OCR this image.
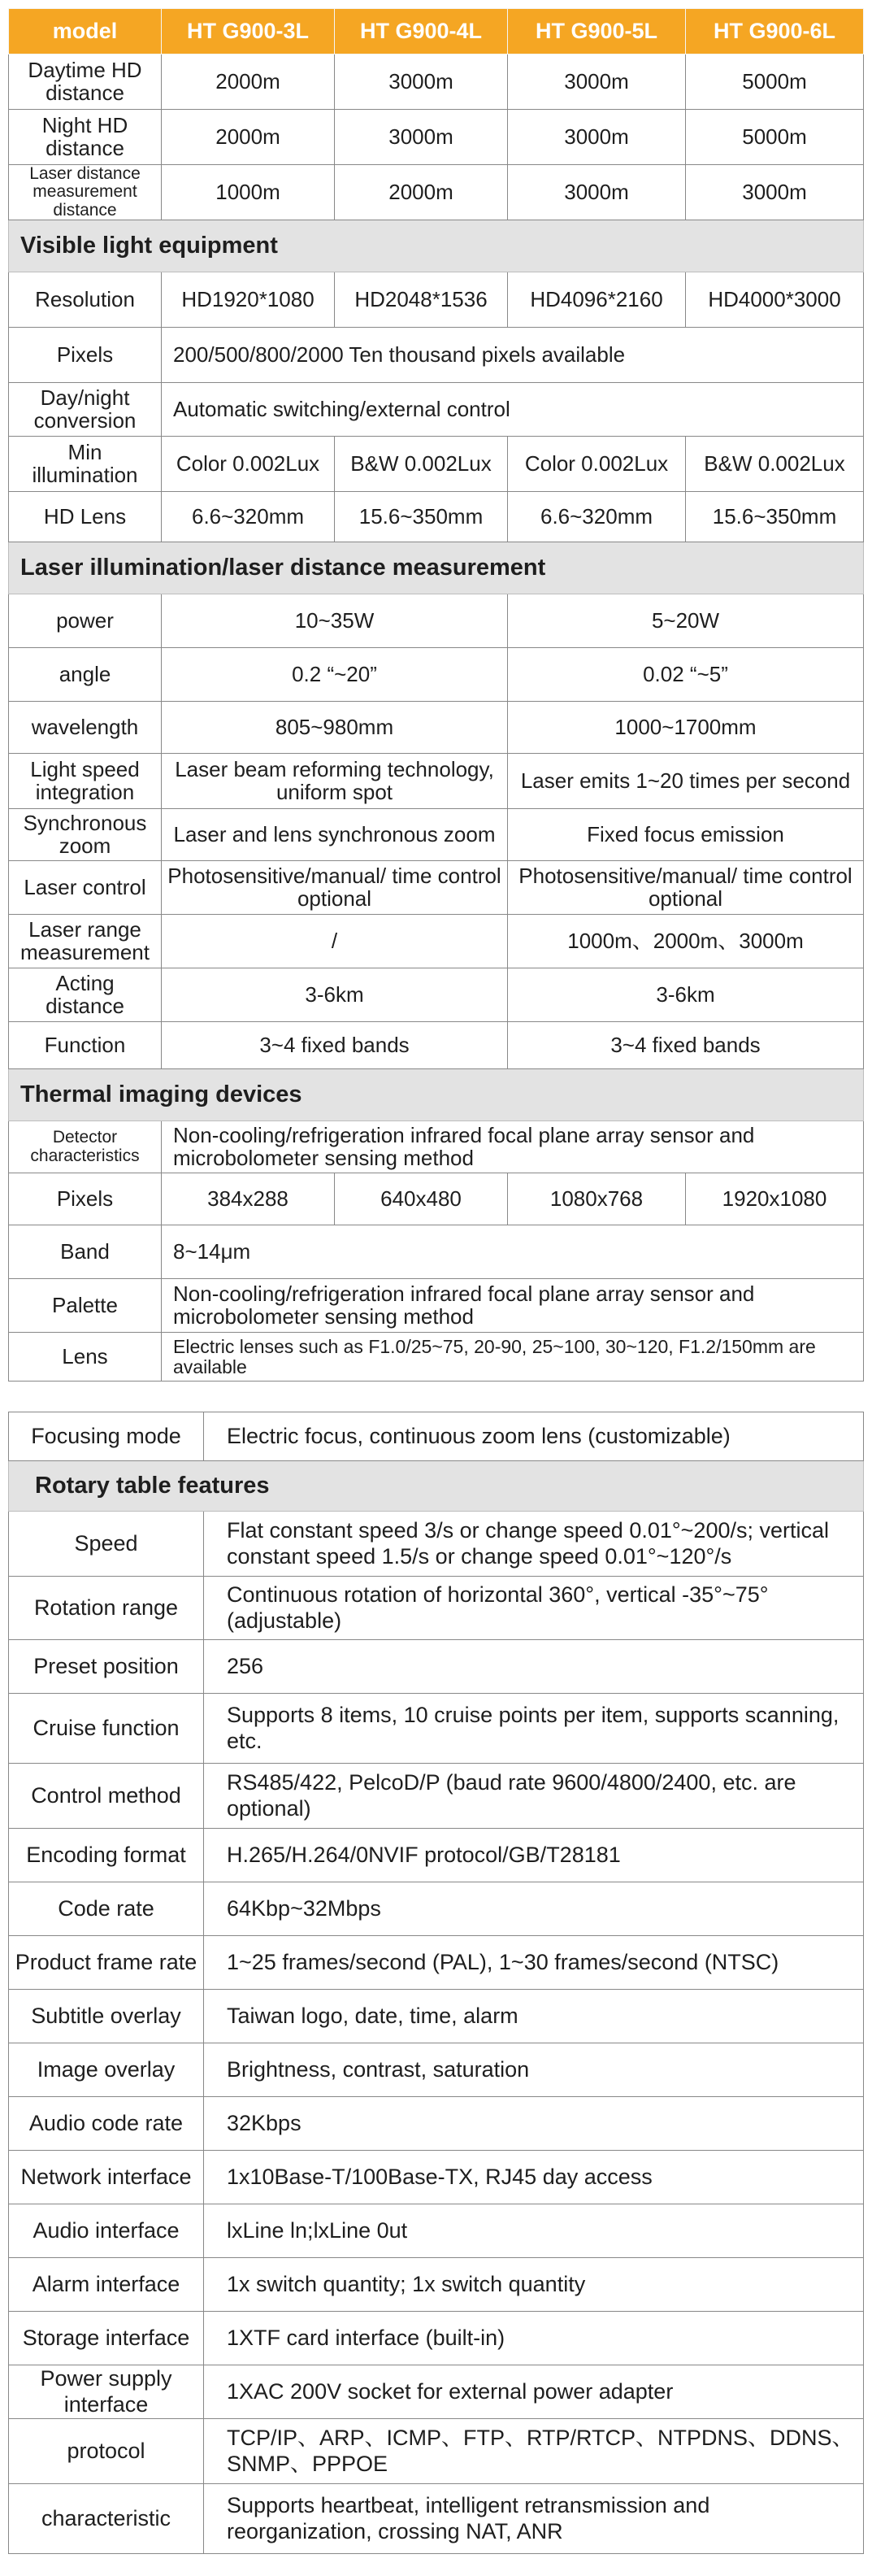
model	HT G900-3L	HT G900-4L	HT G900-5L	HT G900-6L
Daytime HD distance	2000m	3000m	3000m	5000m
Night HD distance	2000m	3000m	3000m	5000m
Laser distance measurement distance	1000m	2000m	3000m	3000m
Visible light equipment				
Resolution	HD1920*1080	HD2048*1536	HD4096*2160	HD4000*3000
Pixels	200/500/800/2000 Ten thousand pixels available			
Day/night conversion	Automatic switching/external control			
Min illumination	Color 0.002Lux	B&W 0.002Lux	Color 0.002Lux	B&W 0.002Lux
HD Lens	6.6~320mm	15.6~350mm	6.6~320mm	15.6~350mm
Laser illumination/laser distance measurement				
power	10~35W		5~20W	
angle	0.2 “~20”		0.02 “~5”	
wavelength	805~980mm		1000~1700mm	
Light speed integration	Laser beam reforming technology, uniform spot		Laser emits 1~20 times per second	
Synchronous zoom	Laser and lens synchronous zoom		Fixed focus emission	
Laser control	Photosensitive/manual/ time control optional		Photosensitive/manual/ time control optional	
Laser range measurement	/		1000m、2000m、3000m	
Acting distance	3-6km		3-6km	
Function	3~4 fixed bands		3~4 fixed bands	
Thermal imaging devices				
Detector characteristics	Non-cooling/refrigeration infrared focal plane array sensor and microbolometer sensing method			
Pixels	384x288	640x480	1080x768	1920x1080
Band	8~14μm			
Palette	Non-cooling/refrigeration infrared focal plane array sensor and microbolometer sensing method			
Lens	Electric lenses such as F1.0/25~75, 20-90, 25~100, 30~120, F1.2/150mm are available			
Focusing mode	Electric focus, continuous zoom lens (customizable)
Rotary table features	
Speed	Flat constant speed 3/s or change speed 0.01°~200/s; vertical constant speed 1.5/s or change speed 0.01°~120°/s
Rotation range	Continuous rotation of horizontal 360°, vertical -35°~75° (adjustable)
Preset position	256
Cruise function	Supports 8 items, 10 cruise points per item, supports scanning, etc.
Control method	RS485/422, PelcoD/P (baud rate 9600/4800/2400, etc. are optional)
Encoding format	H.265/H.264/0NVIF protocol/GB/T28181
Code rate	64Kbp~32Mbps
Product frame rate	1~25 frames/second (PAL), 1~30 frames/second (NTSC)
Subtitle overlay	Taiwan logo, date, time, alarm
Image overlay	Brightness, contrast, saturation
Audio code rate	32Kbps
Network interface	1x10Base-T/100Base-TX, RJ45 day access
Audio interface	lxLine ln;lxLine 0ut
Alarm interface	1x switch quantity; 1x switch quantity
Storage interface	1XTF card interface (built-in)
Power supply interface	1XAC 200V socket for external power adapter
protocol	TCP/IP、ARP、ICMP、FTP、RTP/RTCP、NTPDNS、DDNS、SNMP、PPPOE
characteristic	Supports heartbeat, intelligent retransmission and reorganization, crossing NAT, ANR
